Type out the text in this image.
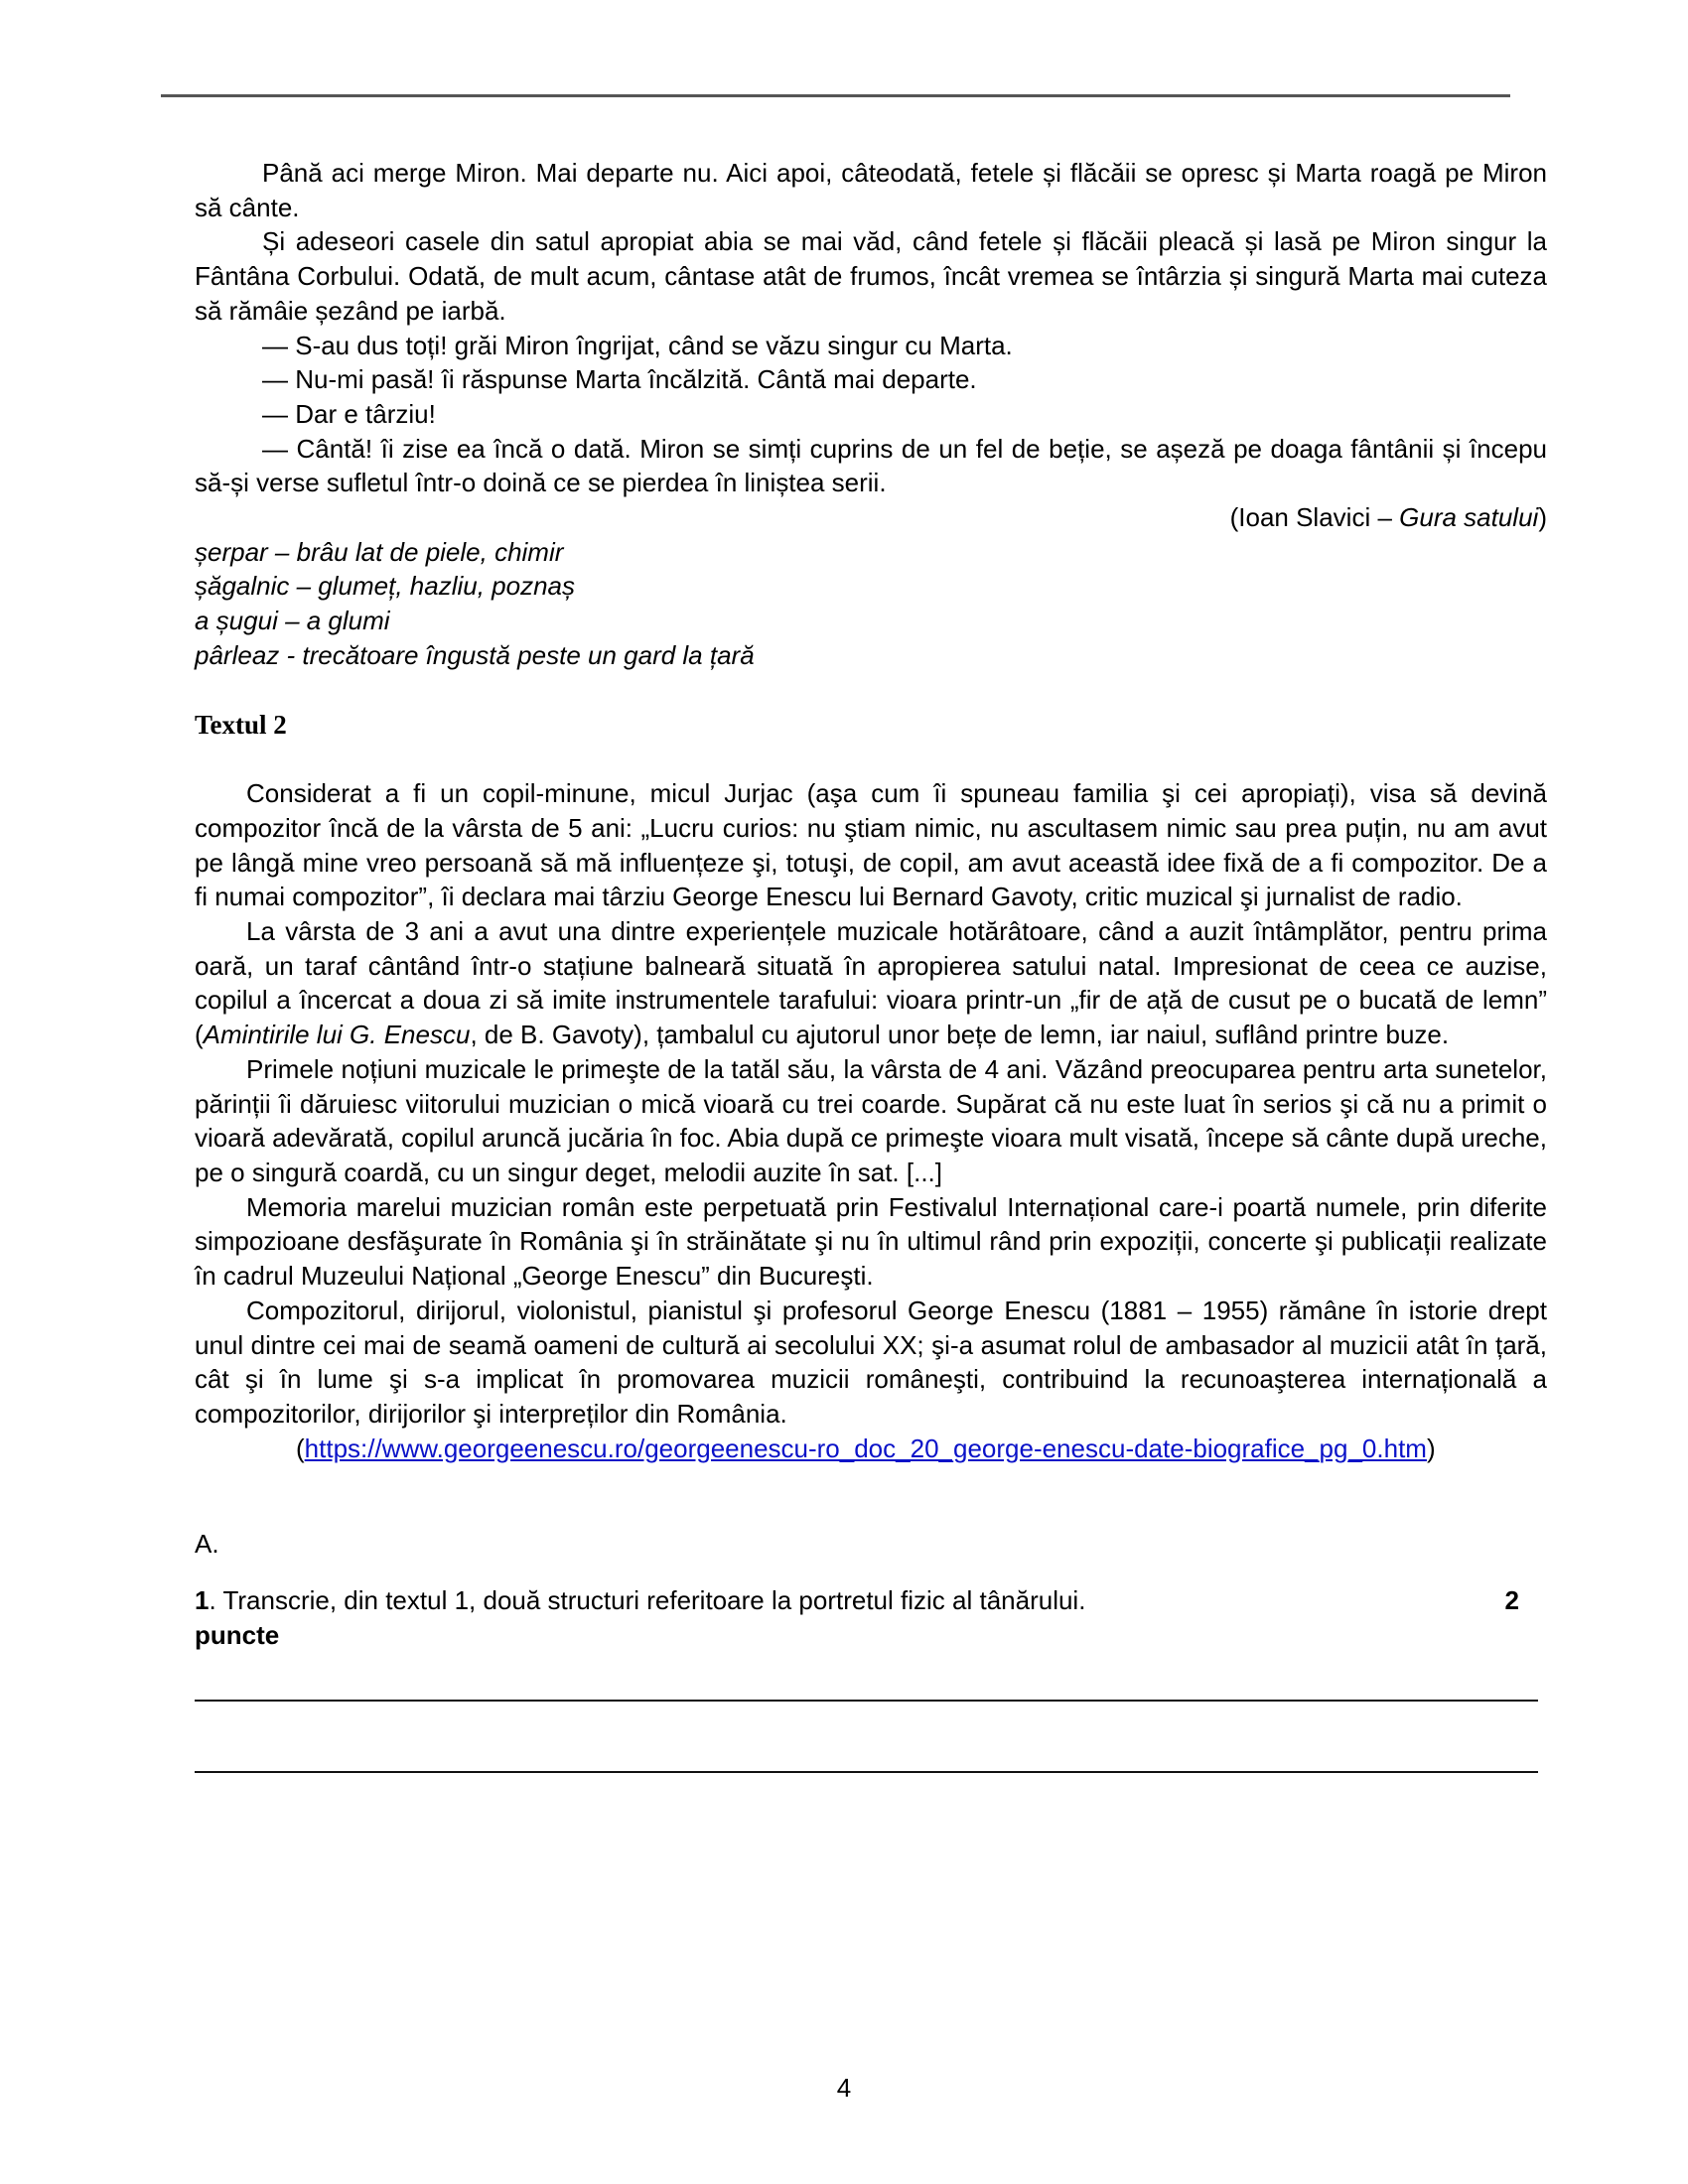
Până aci merge Miron. Mai departe nu. Aici apoi, câteodată, fetele și flăcăii se opresc și Marta roagă pe Miron să cânte.

Și adeseori casele din satul apropiat abia se mai văd, când fetele și flăcăii pleacă și lasă pe Miron singur la Fântâna Corbului. Odată, de mult acum, cântase atât de frumos, încât vremea se întârzia și singură Marta mai cuteza să rămâie șezând pe iarbă.

— S-au dus toți! grăi Miron îngrijat, când se văzu singur cu Marta.

— Nu-mi pasă! îi răspunse Marta încălzită. Cântă mai departe.

— Dar e târziu!

— Cântă! îi zise ea încă o dată. Miron se simți cuprins de un fel de beție, se așeză pe doaga fântânii și începu să-și verse sufletul într-o doină ce se pierdea în liniștea serii.

(Ioan Slavici – Gura satului)

șerpar – brâu lat de piele, chimir

șăgalnic – glumeț, hazliu, poznaș

a șugui – a glumi

pârleaz - trecătoare îngustă peste un gard la țară

Textul 2

Considerat a fi un copil-minune, micul Jurjac (aşa cum îi spuneau familia şi cei apropiați), visa să devină compozitor încă de la vârsta de 5 ani: „Lucru curios: nu ştiam nimic, nu ascultasem nimic sau prea puțin, nu am avut pe lângă mine vreo persoană să mă influențeze şi, totuşi, de copil, am avut această idee fixă de a fi compozitor. De a fi numai compozitor”, îi declara mai târziu George Enescu lui Bernard Gavoty, critic muzical şi jurnalist de radio.

La vârsta de 3 ani a avut una dintre experiențele muzicale hotărâtoare, când a auzit întâmplător, pentru prima oară, un taraf cântând într-o stațiune balneară situată în apropierea satului natal. Impresionat de ceea ce auzise, copilul a încercat a doua zi să imite instrumentele tarafului: vioara printr-un „fir de ață de cusut pe o bucată de lemn” (Amintirile lui G. Enescu, de B. Gavoty), țambalul cu ajutorul unor bețe de lemn, iar naiul, suflând printre buze.

Primele noțiuni muzicale le primeşte de la tatăl său, la vârsta de 4 ani. Văzând preocuparea pentru arta sunetelor, părinții îi dăruiesc viitorului muzician o mică vioară cu trei coarde. Supărat că nu este luat în serios şi că nu a primit o vioară adevărată, copilul aruncă jucăria în foc. Abia după ce primeşte vioara mult visată, începe să cânte după ureche, pe o singură coardă, cu un singur deget, melodii auzite în sat. [...]

Memoria marelui muzician român este perpetuată prin Festivalul Internațional care-i poartă numele, prin diferite simpozioane desfăşurate în România şi în străinătate şi nu în ultimul rând prin expoziții, concerte şi publicații realizate în cadrul Muzeului Național „George Enescu” din Bucureşti.

Compozitorul, dirijorul, violonistul, pianistul şi profesorul George Enescu (1881 – 1955) rămâne în istorie drept unul dintre cei mai de seamă oameni de cultură ai secolului XX; şi-a asumat rolul de ambasador al muzicii atât în țară, cât şi în lume şi s-a implicat în promovarea muzicii româneşti, contribuind la recunoaşterea internațională a compozitorilor, dirijorilor şi interpreților din România.

(https://www.georgeenescu.ro/georgeenescu-ro_doc_20_george-enescu-date-biografice_pg_0.htm)

A.

1. Transcrie, din textul 1, două structuri referitoare la portretul fizic al tânărului.	2

puncte

4
